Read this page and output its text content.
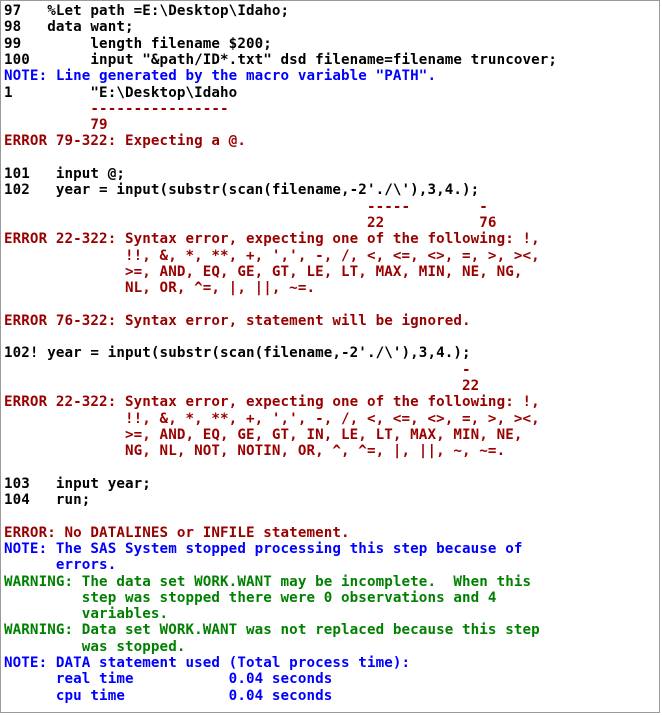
97   %Let path =E:\Desktop\Idaho;
98   data want;
99        length filename $200;
100       input "&path/ID*.txt" dsd filename=filename truncover;
NOTE: Line generated by the macro variable "PATH".
1         "E:\Desktop\Idaho
----------------
79
ERROR 79-322: Expecting a @.
101   input @;
102   year = input(substr(scan(filename,-2'./\'),3,4.);
-----        -
22           76
ERROR 22-322: Syntax error, expecting one of the following: !,
!!, &, *, **, +, ',', -, /, <, <=, <>, =, >, ><,
>=, AND, EQ, GE, GT, LE, LT, MAX, MIN, NE, NG,
NL, OR, ^=, |, ||, ~=.
ERROR 76-322: Syntax error, statement will be ignored.
102! year = input(substr(scan(filename,-2'./\'),3,4.);
-
22
ERROR 22-322: Syntax error, expecting one of the following: !,
!!, &, *, **, +, ',', -, /, <, <=, <>, =, >, ><,
>=, AND, EQ, GE, GT, IN, LE, LT, MAX, MIN, NE,
NG, NL, NOT, NOTIN, OR, ^, ^=, |, ||, ~, ~=.
103   input year;
104   run;
ERROR: No DATALINES or INFILE statement.
NOTE: The SAS System stopped processing this step because of
errors.
WARNING: The data set WORK.WANT may be incomplete.  When this
step was stopped there were 0 observations and 4
variables.
WARNING: Data set WORK.WANT was not replaced because this step
was stopped.
NOTE: DATA statement used (Total process time):
real time           0.04 seconds
cpu time            0.04 seconds
